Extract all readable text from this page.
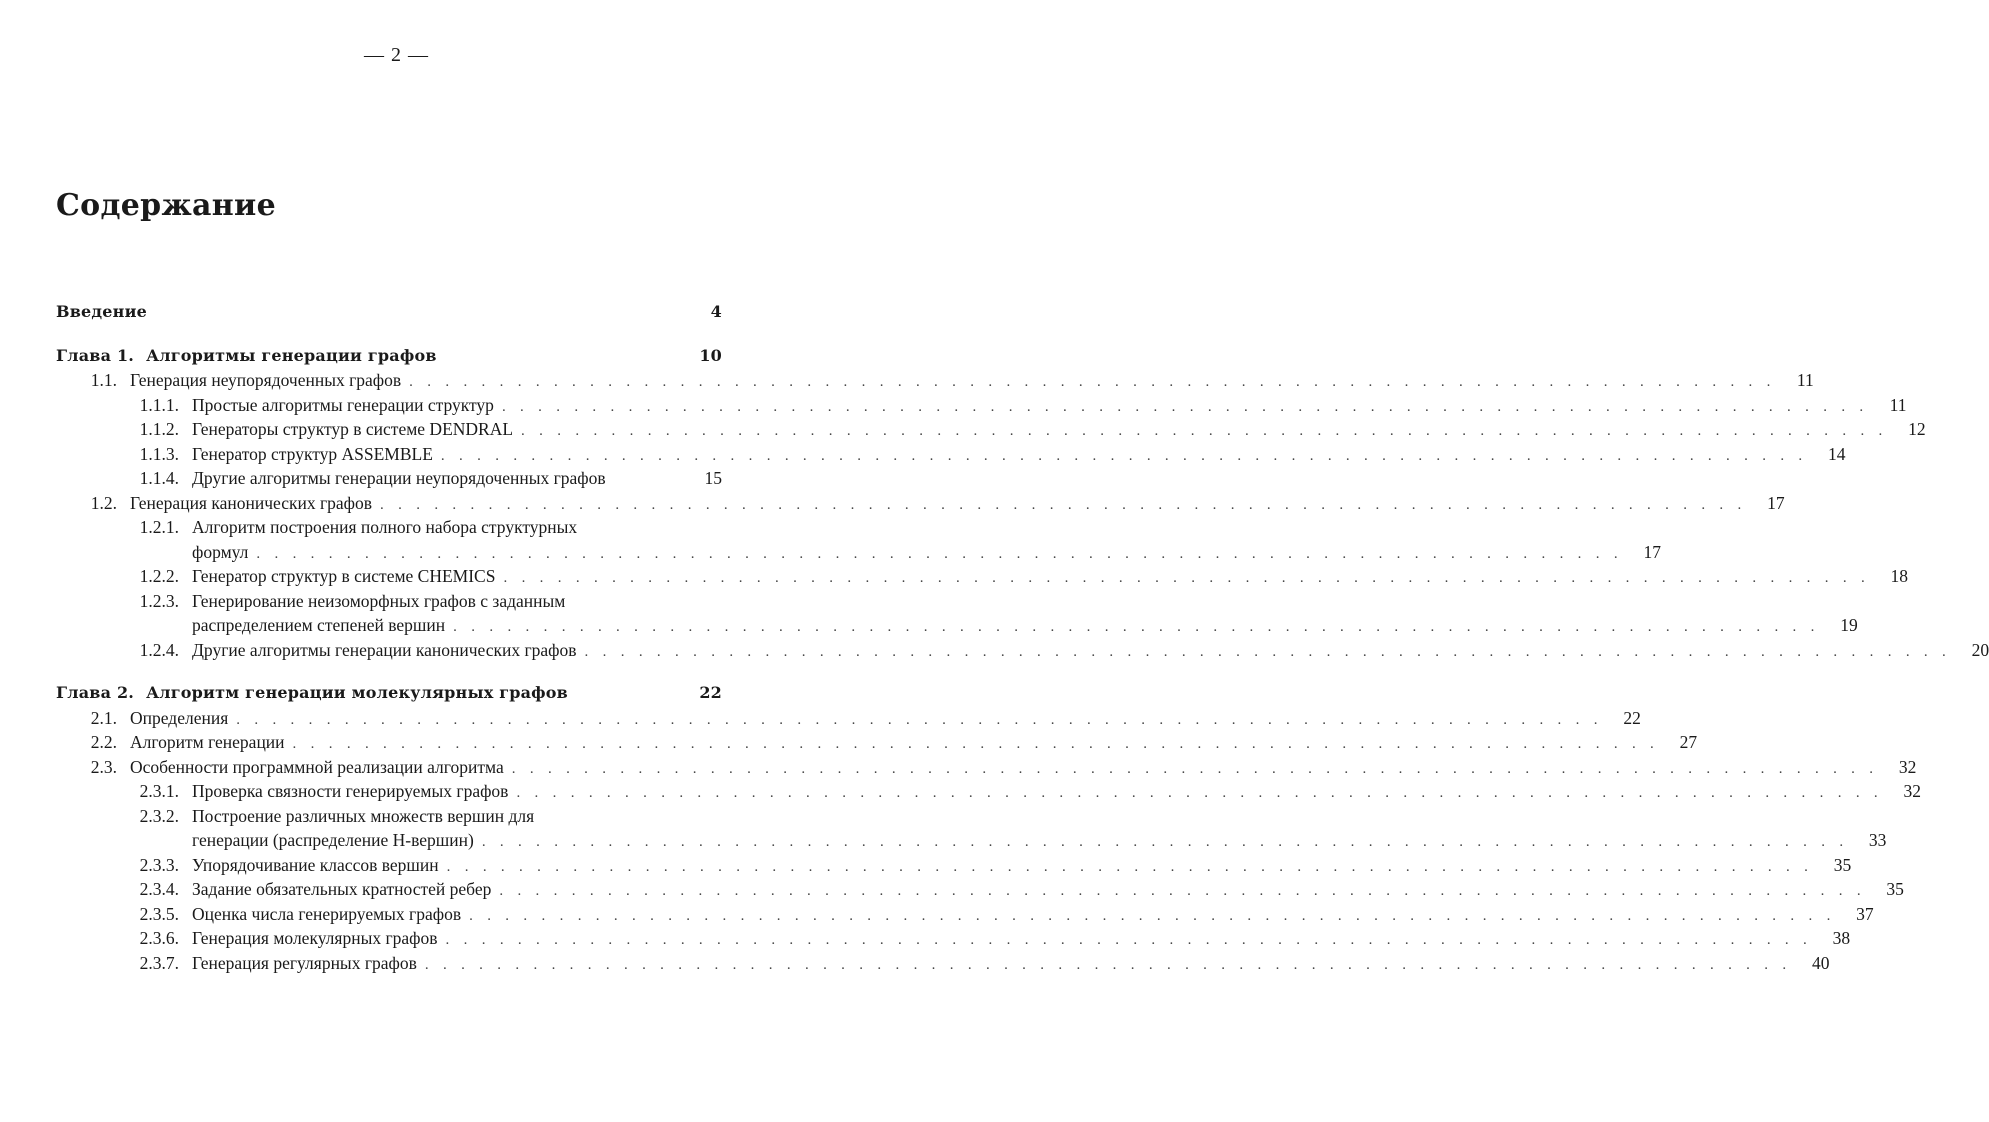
— 2 —
Содержание
Введение	4
Глава 1. Алгоритмы генерации графов	10
1.1. Генерация неупорядоченных графов . . .	11
1.1.1. Простые алгоритмы генерации структур . . .	11
1.1.2. Генераторы структур в системе DENDRAL . . .	12
1.1.3. Генератор структур ASSEMBLE . . .	14
1.1.4. Другие алгоритмы генерации неупорядоченных графов	15
1.2. Генерация канонических графов . . .	17
1.2.1. Алгоритм построения полного набора структурных
формул . . .	17
1.2.2. Генератор структур в системе CHEMICS . . .	18
1.2.3. Генерирование неизоморфных графов с заданным
распределением степеней вершин . . .	19
1.2.4. Другие алгоритмы генерации канонических графов . . .	20
Глава 2. Алгоритм генерации молекулярных графов	22
2.1. Определения . . .	22
2.2. Алгоритм генерации . . .	27
2.3. Особенности программной реализации алгоритма . . .	32
2.3.1. Проверка связности генерируемых графов . . .	32
2.3.2. Построение различных множеств вершин для
генерации (распределение Н-вершин) . . .	33
2.3.3. Упорядочивание классов вершин . . .	35
2.3.4. Задание обязательных кратностей ребер . . .	35
2.3.5. Оценка числа генерируемых графов . . .	37
2.3.6. Генерация молекулярных графов . . .	38
2.3.7. Генерация регулярных графов . . .	40
